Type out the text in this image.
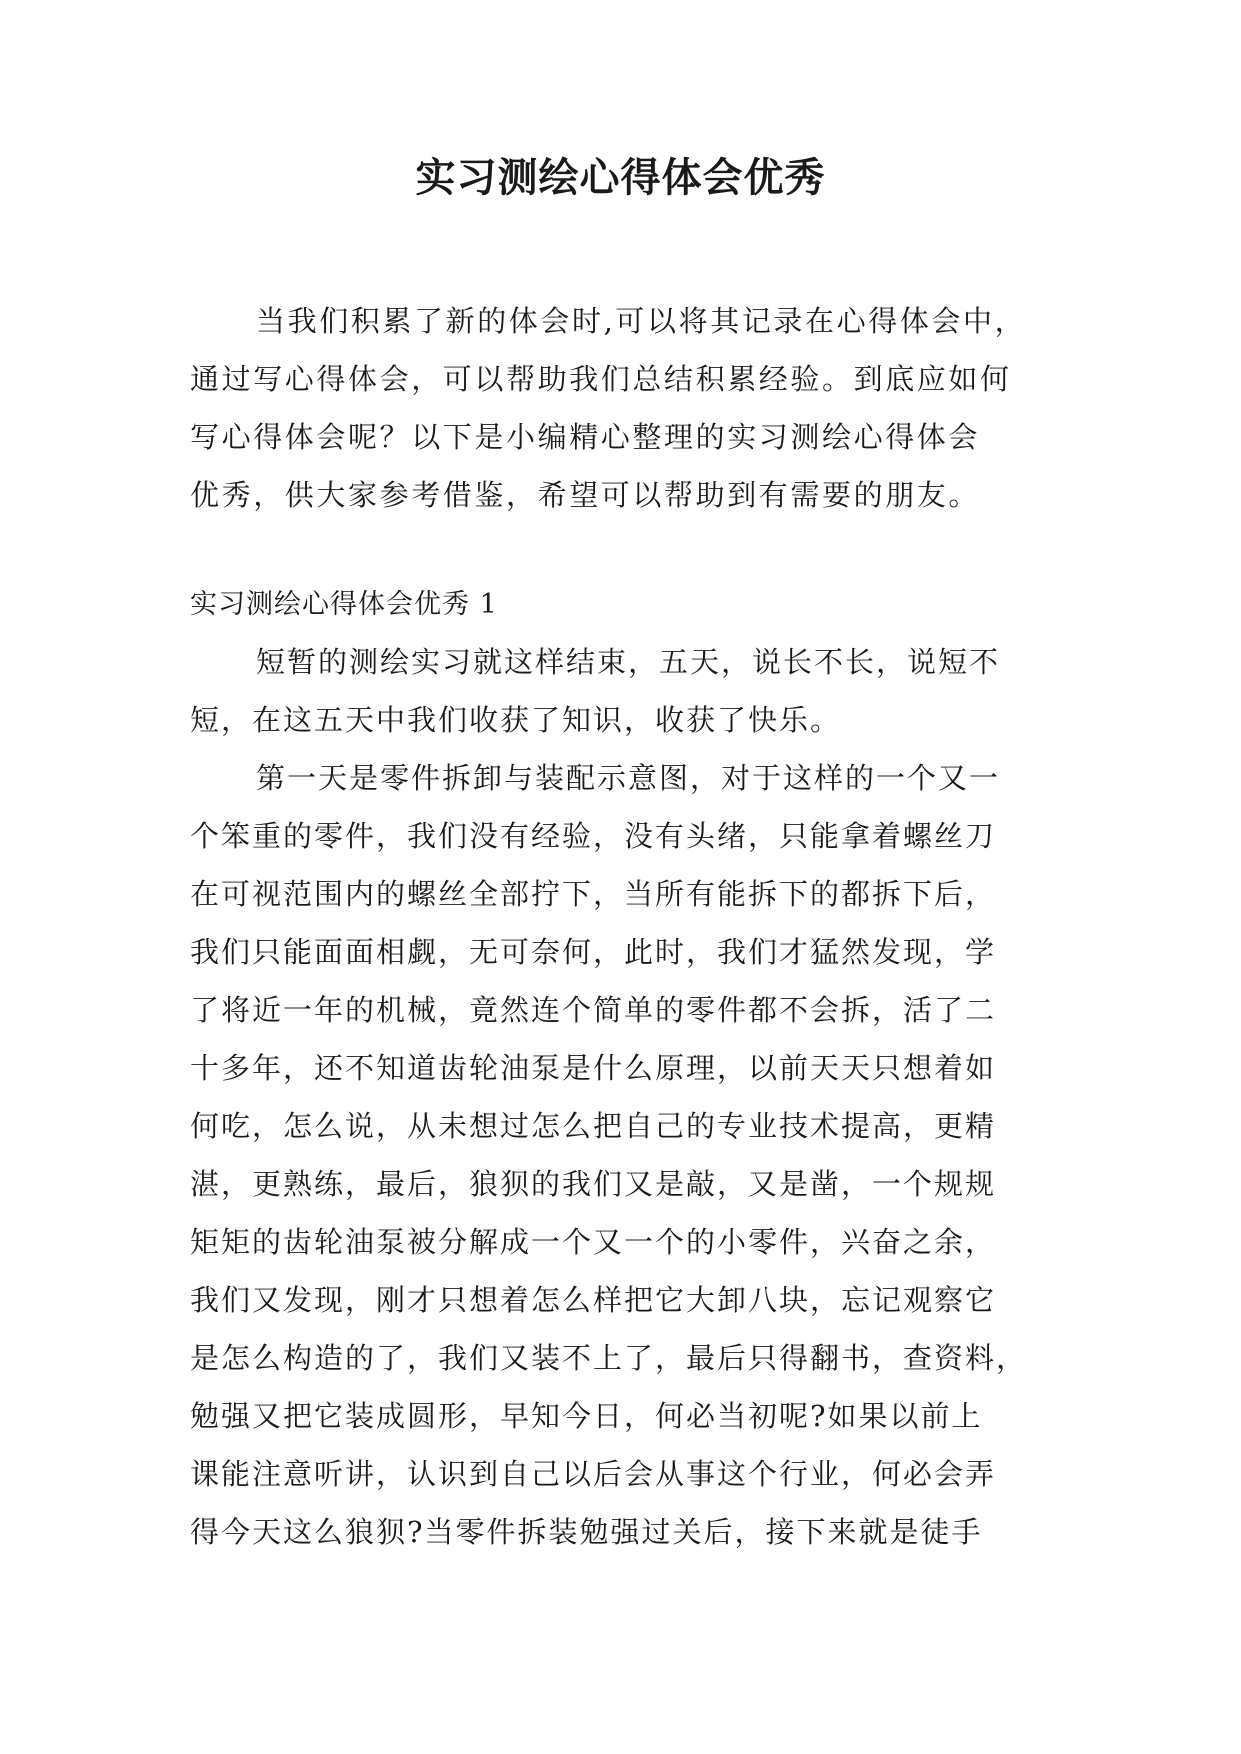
实习测绘心得体会优秀
当我们积累了新的体会时,可以将其记录在心得体会中，
通过写心得体会，可以帮助我们总结积累经验。到底应如何
写心得体会呢？以下是小编精心整理的实习测绘心得体会
优秀，供大家参考借鉴，希望可以帮助到有需要的朋友。
实习测绘心得体会优秀 1
短暂的测绘实习就这样结束，五天，说长不长，说短不
短，在这五天中我们收获了知识，收获了快乐。
第一天是零件拆卸与装配示意图，对于这样的一个又一
个笨重的零件，我们没有经验，没有头绪，只能拿着螺丝刀
在可视范围内的螺丝全部拧下，当所有能拆下的都拆下后，
我们只能面面相觑，无可奈何，此时，我们才猛然发现，学
了将近一年的机械，竟然连个简单的零件都不会拆，活了二
十多年，还不知道齿轮油泵是什么原理，以前天天只想着如
何吃，怎么说，从未想过怎么把自己的专业技术提高，更精
湛，更熟练，最后，狼狈的我们又是敲，又是凿，一个规规
矩矩的齿轮油泵被分解成一个又一个的小零件，兴奋之余，
我们又发现，刚才只想着怎么样把它大卸八块，忘记观察它
是怎么构造的了，我们又装不上了，最后只得翻书，查资料，
勉强又把它装成圆形，早知今日，何必当初呢?如果以前上
课能注意听讲，认识到自己以后会从事这个行业，何必会弄
得今天这么狼狈?当零件拆装勉强过关后，接下来就是徒手
